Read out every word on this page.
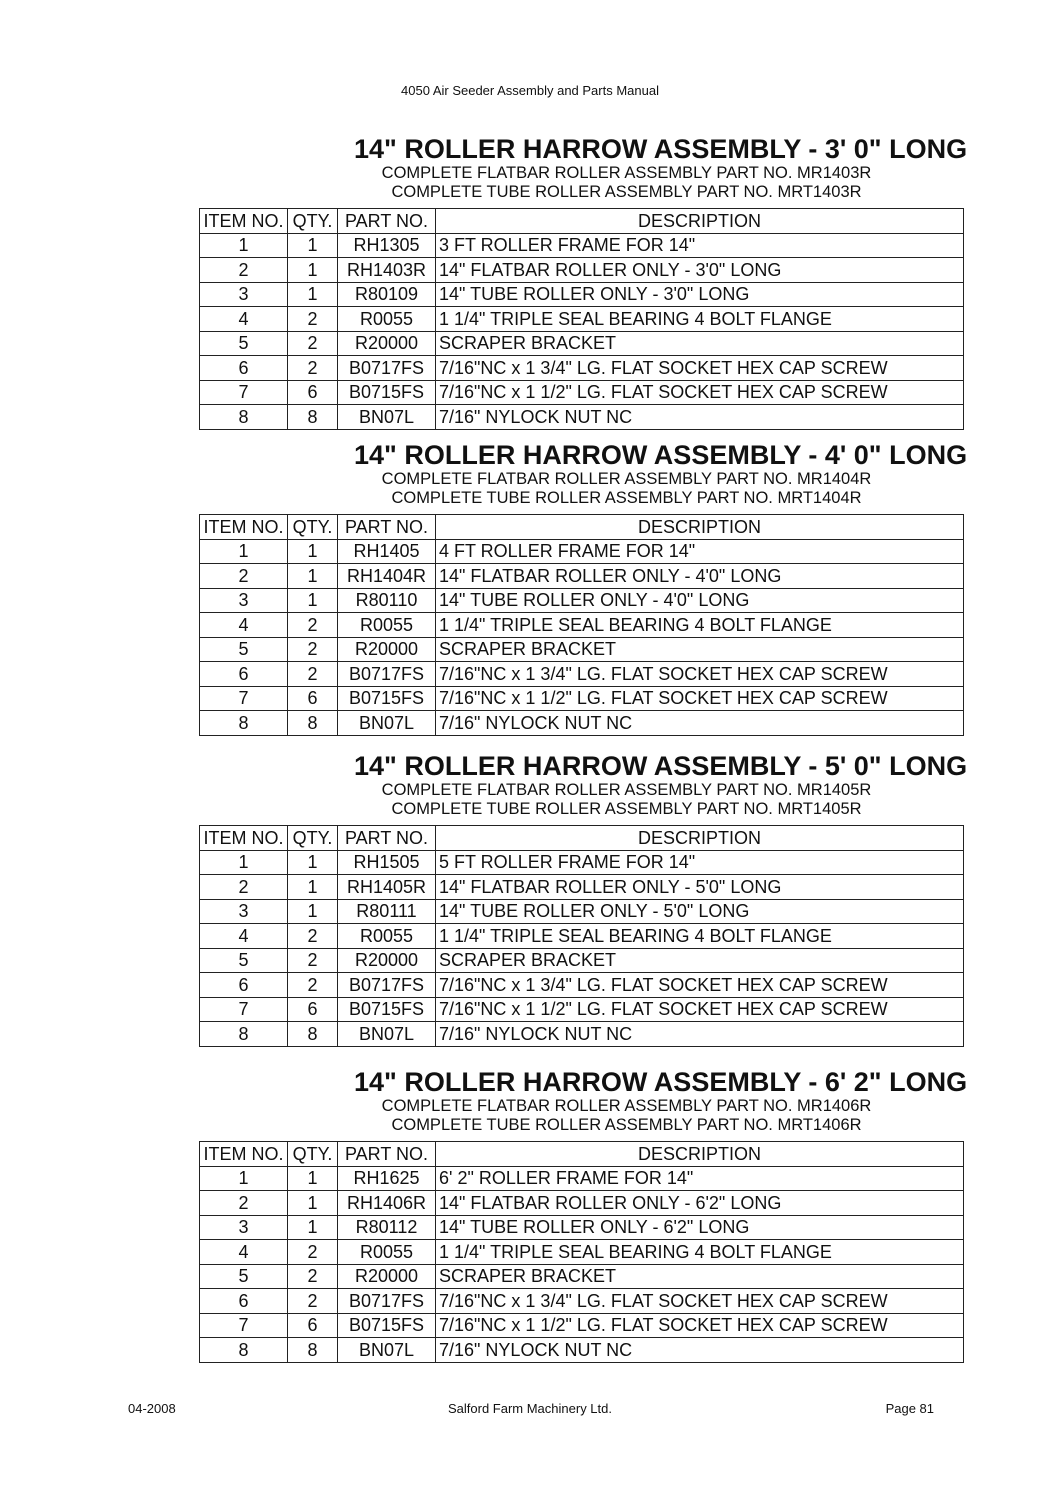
4050 Air Seeder Assembly and Parts Manual
14" ROLLER HARROW ASSEMBLY - 3' 0" LONG
COMPLETE FLATBAR ROLLER ASSEMBLY PART NO. MR1403R
COMPLETE TUBE ROLLER ASSEMBLY PART NO. MRT1403R
ITEM NO.	QTY.	PART NO.	DESCRIPTION
1	1	RH1305	3 FT ROLLER FRAME FOR 14"
2	1	RH1403R	14" FLATBAR ROLLER ONLY - 3'0" LONG
3	1	R80109	14" TUBE ROLLER ONLY - 3'0" LONG
4	2	R0055	1 1/4" TRIPLE SEAL BEARING 4 BOLT FLANGE
5	2	R20000	SCRAPER BRACKET
6	2	B0717FS	7/16"NC x 1 3/4" LG. FLAT SOCKET HEX CAP SCREW
7	6	B0715FS	7/16"NC x 1 1/2" LG. FLAT SOCKET HEX CAP SCREW
8	8	BN07L	7/16" NYLOCK NUT NC
14" ROLLER HARROW ASSEMBLY - 4' 0" LONG
COMPLETE FLATBAR ROLLER ASSEMBLY PART NO. MR1404R
COMPLETE TUBE ROLLER ASSEMBLY PART NO. MRT1404R
ITEM NO.	QTY.	PART NO.	DESCRIPTION
1	1	RH1405	4 FT ROLLER FRAME FOR 14"
2	1	RH1404R	14" FLATBAR ROLLER ONLY - 4'0" LONG
3	1	R80110	14" TUBE ROLLER ONLY - 4'0" LONG
4	2	R0055	1 1/4" TRIPLE SEAL BEARING 4 BOLT FLANGE
5	2	R20000	SCRAPER BRACKET
6	2	B0717FS	7/16"NC x 1 3/4" LG. FLAT SOCKET HEX CAP SCREW
7	6	B0715FS	7/16"NC x 1 1/2" LG. FLAT SOCKET HEX CAP SCREW
8	8	BN07L	7/16" NYLOCK NUT NC
14" ROLLER HARROW ASSEMBLY - 5' 0" LONG
COMPLETE FLATBAR ROLLER ASSEMBLY PART NO. MR1405R
COMPLETE TUBE ROLLER ASSEMBLY PART NO. MRT1405R
ITEM NO.	QTY.	PART NO.	DESCRIPTION
1	1	RH1505	5 FT ROLLER FRAME FOR 14"
2	1	RH1405R	14" FLATBAR ROLLER ONLY - 5'0" LONG
3	1	R80111	14" TUBE ROLLER ONLY - 5'0" LONG
4	2	R0055	1 1/4" TRIPLE SEAL BEARING 4 BOLT FLANGE
5	2	R20000	SCRAPER BRACKET
6	2	B0717FS	7/16"NC x 1 3/4" LG. FLAT SOCKET HEX CAP SCREW
7	6	B0715FS	7/16"NC x 1 1/2" LG. FLAT SOCKET HEX CAP SCREW
8	8	BN07L	7/16" NYLOCK NUT NC
14" ROLLER HARROW ASSEMBLY - 6' 2" LONG
COMPLETE FLATBAR ROLLER ASSEMBLY PART NO. MR1406R
COMPLETE TUBE ROLLER ASSEMBLY PART NO. MRT1406R
ITEM NO.	QTY.	PART NO.	DESCRIPTION
1	1	RH1625	6' 2" ROLLER FRAME FOR 14"
2	1	RH1406R	14" FLATBAR ROLLER ONLY - 6'2" LONG
3	1	R80112	14" TUBE ROLLER ONLY - 6'2" LONG
4	2	R0055	1 1/4" TRIPLE SEAL BEARING 4 BOLT FLANGE
5	2	R20000	SCRAPER BRACKET
6	2	B0717FS	7/16"NC x 1 3/4" LG. FLAT SOCKET HEX CAP SCREW
7	6	B0715FS	7/16"NC x 1 1/2" LG. FLAT SOCKET HEX CAP SCREW
8	8	BN07L	7/16" NYLOCK NUT NC
04-2008	Salford Farm Machinery Ltd.	Page 81
